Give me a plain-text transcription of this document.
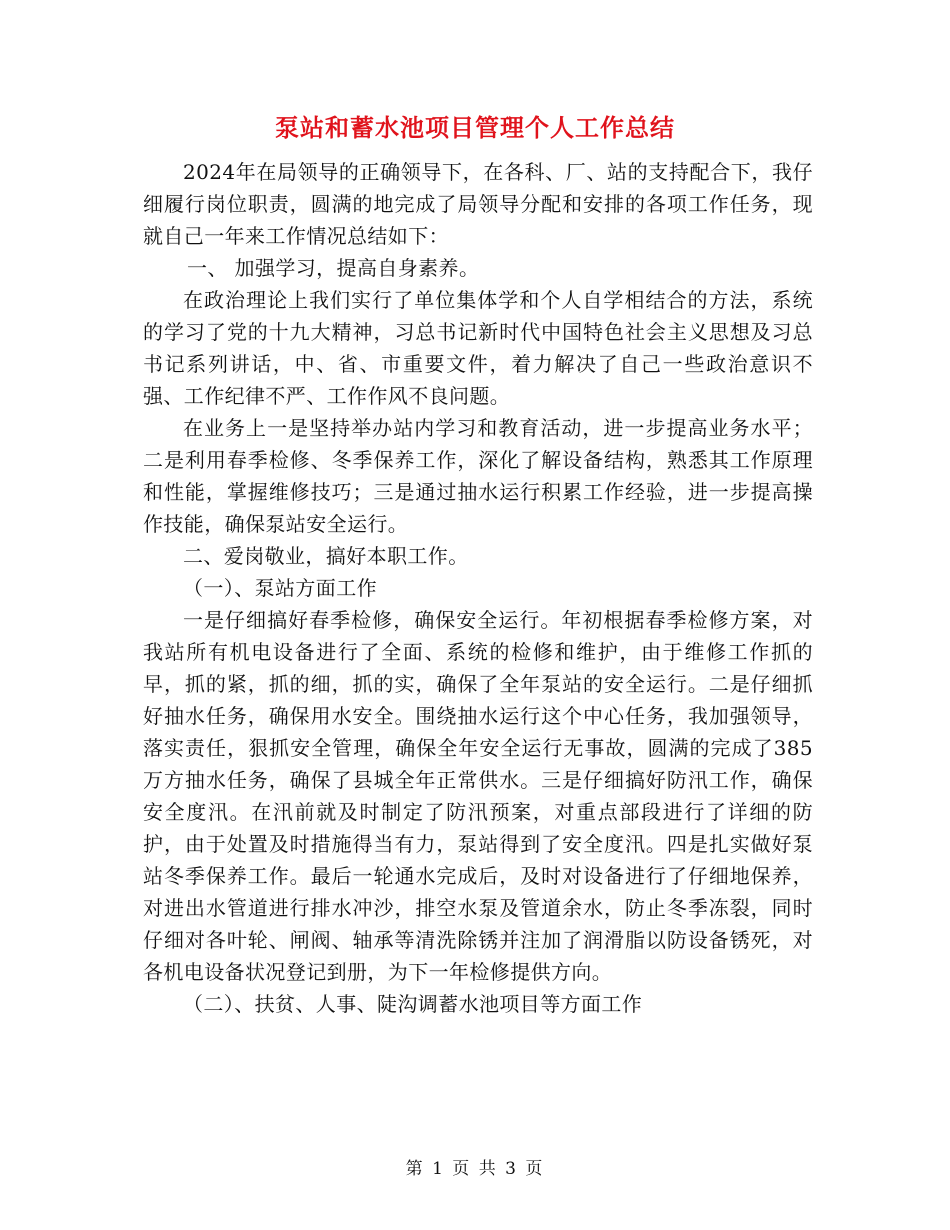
泵站和蓄水池项目管理个人工作总结

2024年在局领导的正确领导下，在各科、厂、站的支持配合下，我仔细履行岗位职责，圆满的地完成了局领导分配和安排的各项工作任务，现就自己一年来工作情况总结如下：

一、 加强学习，提高自身素养。

在政治理论上我们实行了单位集体学和个人自学相结合的方法，系统的学习了党的十九大精神，习总书记新时代中国特色社会主义思想及习总书记系列讲话，中、省、市重要文件，着力解决了自己一些政治意识不强、工作纪律不严、工作作风不良问题。

在业务上一是坚持举办站内学习和教育活动，进一步提高业务水平；二是利用春季检修、冬季保养工作，深化了解设备结构，熟悉其工作原理和性能，掌握维修技巧；三是通过抽水运行积累工作经验，进一步提高操作技能，确保泵站安全运行。

二、爱岗敬业，搞好本职工作。

（一）、泵站方面工作

一是仔细搞好春季检修，确保安全运行。年初根据春季检修方案，对我站所有机电设备进行了全面、系统的检修和维护，由于维修工作抓的早，抓的紧，抓的细，抓的实，确保了全年泵站的安全运行。二是仔细抓好抽水任务，确保用水安全。围绕抽水运行这个中心任务，我加强领导，落实责任，狠抓安全管理，确保全年安全运行无事故，圆满的完成了385万方抽水任务，确保了县城全年正常供水。三是仔细搞好防汛工作，确保安全度汛。在汛前就及时制定了防汛预案，对重点部段进行了详细的防护，由于处置及时措施得当有力，泵站得到了安全度汛。四是扎实做好泵站冬季保养工作。最后一轮通水完成后，及时对设备进行了仔细地保养，对进出水管道进行排水冲沙，排空水泵及管道余水，防止冬季冻裂，同时仔细对各叶轮、闸阀、轴承等清洗除锈并注加了润滑脂以防设备锈死，对各机电设备状况登记到册，为下一年检修提供方向。

（二）、扶贫、人事、陡沟调蓄水池项目等方面工作

第 1 页 共 3 页
